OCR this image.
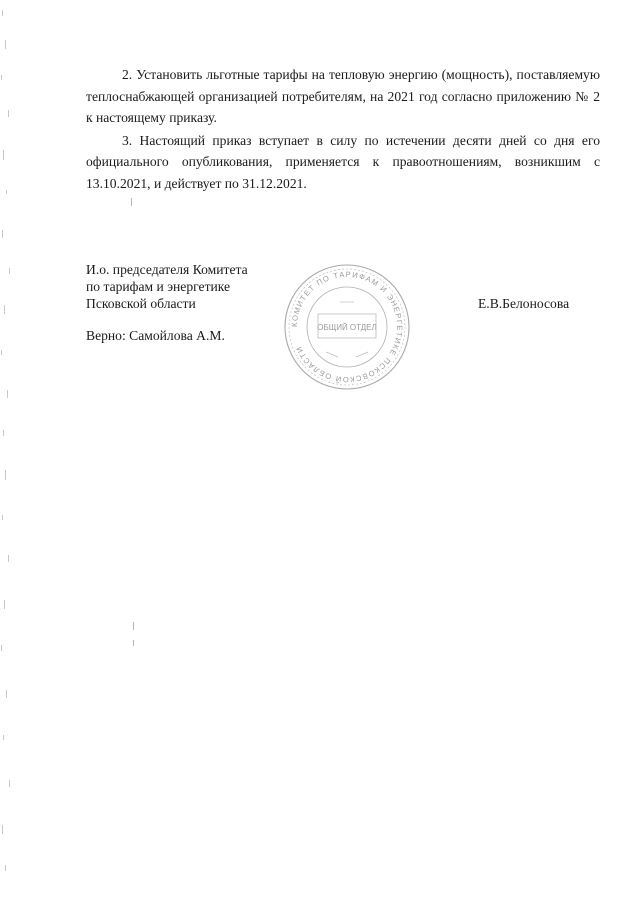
2. Установить льготные тарифы на тепловую энергию (мощность), поставляемую теплоснабжающей организацией потребителям, на 2021 год согласно приложению № 2 к настоящему приказу.

3. Настоящий приказ вступает в силу по истечении десяти дней со дня его официального опубликования, применяется к правоотношениям, возникшим с 13.10.2021, и действует по 31.12.2021.

И.о. председателя Комитета
по тарифам и энергетике
Псковской области
Верно: Самойлова А.М.
КОМИТЕТ ПО ТАРИФАМ И ЭНЕРГЕТИКЕ ПСКОВСКОЙ ОБЛАСТИ
ОБЩИЙ ОТДЕЛ
Е.В.Белоносова
